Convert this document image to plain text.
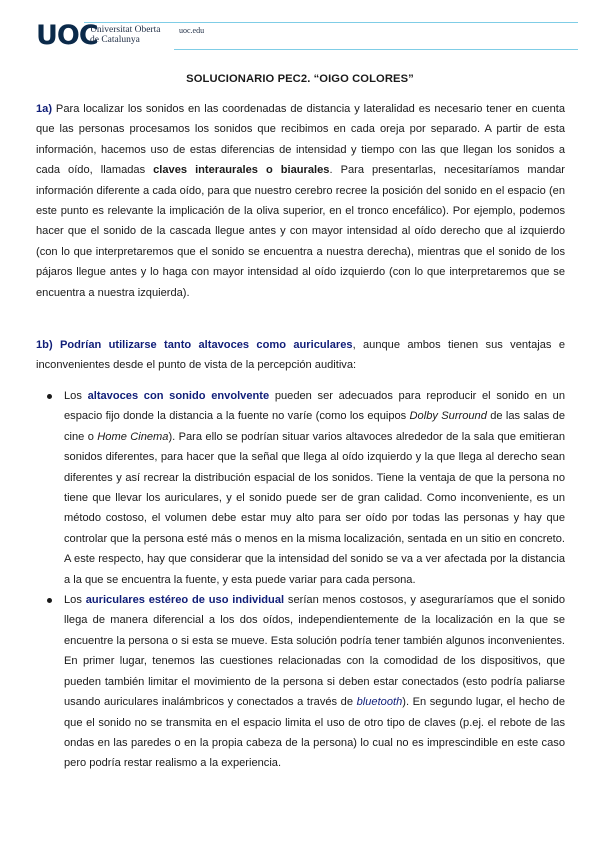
UOC
Universitat Oberta
de Catalunya
uoc.edu
SOLUCIONARIO PEC2. “OIGO COLORES”
1a) Para localizar los sonidos en las coordenadas de distancia y lateralidad es necesario tener en cuenta que las personas procesamos los sonidos que recibimos en cada oreja por separado. A partir de esta información, hacemos uso de estas diferencias de intensidad y tiempo con las que llegan los sonidos a cada oído, llamadas claves interaurales o biaurales. Para presentarlas, necesitaríamos mandar información diferente a cada oído, para que nuestro cerebro recree la posición del sonido en el espacio (en este punto es relevante la implicación de la oliva superior, en el tronco encefálico). Por ejemplo, podemos hacer que el sonido de la cascada llegue antes y con mayor intensidad al oído derecho que al izquierdo (con lo que interpretaremos que el sonido se encuentra a nuestra derecha), mientras que el sonido de los pájaros llegue antes y lo haga con mayor intensidad al oído izquierdo (con lo que interpretaremos que se encuentra a nuestra izquierda).
1b) Podrían utilizarse tanto altavoces como auriculares, aunque ambos tienen sus ventajas e inconvenientes desde el punto de vista de la percepción auditiva:
Los altavoces con sonido envolvente pueden ser adecuados para reproducir el sonido en un espacio fijo donde la distancia a la fuente no varíe (como los equipos Dolby Surround de las salas de cine o Home Cinema). Para ello se podrían situar varios altavoces alrededor de la sala que emitieran sonidos diferentes, para hacer que la señal que llega al oído izquierdo y la que llega al derecho sean diferentes y así recrear la distribución espacial de los sonidos. Tiene la ventaja de que la persona no tiene que llevar los auriculares, y el sonido puede ser de gran calidad. Como inconveniente, es un método costoso, el volumen debe estar muy alto para ser oído por todas las personas y hay que controlar que la persona esté más o menos en la misma localización, sentada en un sitio en concreto. A este respecto, hay que considerar que la intensidad del sonido se va a ver afectada por la distancia a la que se encuentra la fuente, y esta puede variar para cada persona.
Los auriculares estéreo de uso individual serían menos costosos, y aseguraríamos que el sonido llega de manera diferencial a los dos oídos, independientemente de la localización en la que se encuentre la persona o si esta se mueve. Esta solución podría tener también algunos inconvenientes. En primer lugar, tenemos las cuestiones relacionadas con la comodidad de los dispositivos, que pueden también limitar el movimiento de la persona si deben estar conectados (esto podría paliarse usando auriculares inalámbricos y conectados a través de bluetooth). En segundo lugar, el hecho de que el sonido no se transmita en el espacio limita el uso de otro tipo de claves (p.ej. el rebote de las ondas en las paredes o en la propia cabeza de la persona) lo cual no es imprescindible en este caso pero podría restar realismo a la experiencia.
